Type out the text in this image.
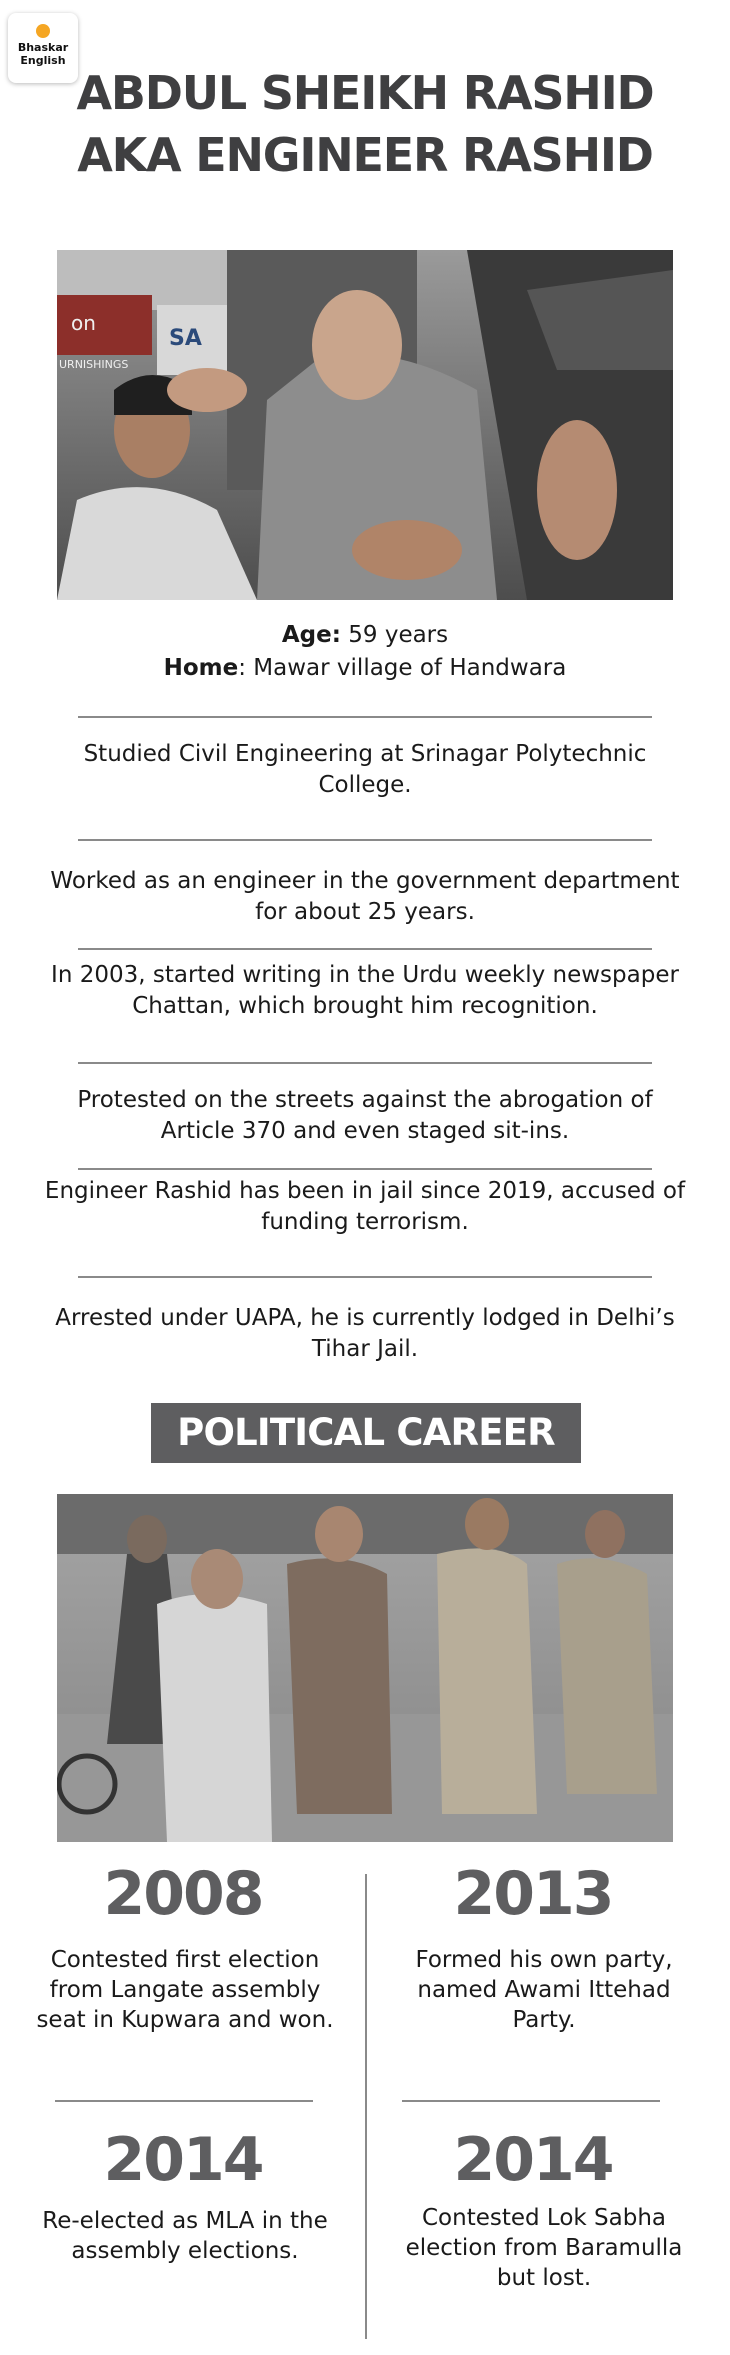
Bhaskar
English
ABDUL SHEIKH RASHID
AKA ENGINEER RASHID
on
SA
URNISHINGS
Age: 59 years
Home: Mawar village of Handwara
Studied Civil Engineering at Srinagar Polytechnic College.
Worked as an engineer in the government department for about 25 years.
In 2003, started writing in the Urdu weekly newspaper Chattan, which brought him recognition.
Protested on the streets against the abrogation of Article 370 and even staged sit-ins.
Engineer Rashid has been in jail since 2019, accused of funding terrorism.
Arrested under UAPA, he is currently lodged in Delhi’s Tihar Jail.
POLITICAL CAREER
2008
Contested first election from Langate assembly seat in Kupwara and won.
2013
Formed his own party, named Awami Ittehad Party.
2014
Re-elected as MLA in the assembly elections.
2014
Contested Lok Sabha election from Baramulla but lost.
